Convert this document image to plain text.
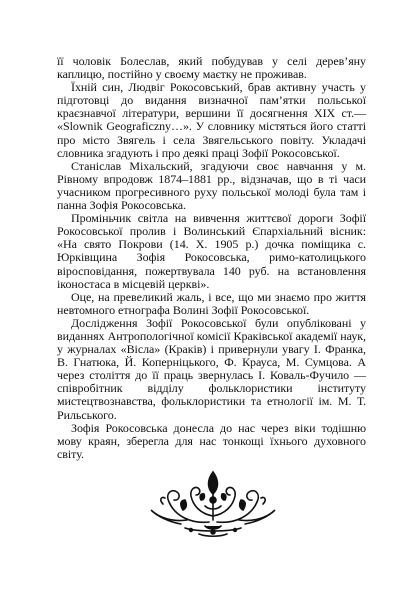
її чоловік Болеслав, який побудував у селі дерев’яну каплицю, постійно у своєму маєтку не проживав.

Їхній син, Людвіг Рокосовський, брав активну участь у підготовці до видання визначної пам’ятки польської краєзнавчої літератури, вершини її досягнення XIX ст.— «Slownik Geograficzny…». У словнику містяться його статті про місто Звягель і села Звягельського повіту. Укладачі словника згадують і про деякі праці Зофії Рокосовської.

Станіслав Міхальский, згадуючи своє навчання у м. Рівному впродовж 1874–1881 рр., відзначав, що в ті часи учасником прогресивного руху польської молоді була там і панна Зофія Рокосовська.

Проміньчик світла на вивчення життєвої дороги Зофії Рокосовської пролив і Волинський Єпархіальний вісник: «На свято Покрови (14. Х. 1905 р.) дочка поміщика с. Юрківщина Зофія Рокосовська, римо-католицького віросповідання, пожертвувала 140 руб. на встановлення іконостаса в місцевій церкві».

Оце, на превеликий жаль, і все, що ми знаємо про життя невтомного етнографа Волині Зофії Рокосовської.

Дослідження Зофії Рокосовської були опубліковані у виданнях Антропологічної комісії Краківської академії наук, у журналах «Вісла» (Краків) і привернули увагу І. Франка, В. Гнатюка, Й. Коперніцького, Ф. Крауса, М. Сумцова. А через століття до її праць звернулась І. Коваль-Фучило — співробітник відділу фольклористики інституту мистецтвознавства, фольклористики та етнології ім. М. Т. Рильського.

Зофія Рокосовська донесла до нас через віки тодішню мову краян, зберегла для нас тонкощі їхнього духовного світу.
